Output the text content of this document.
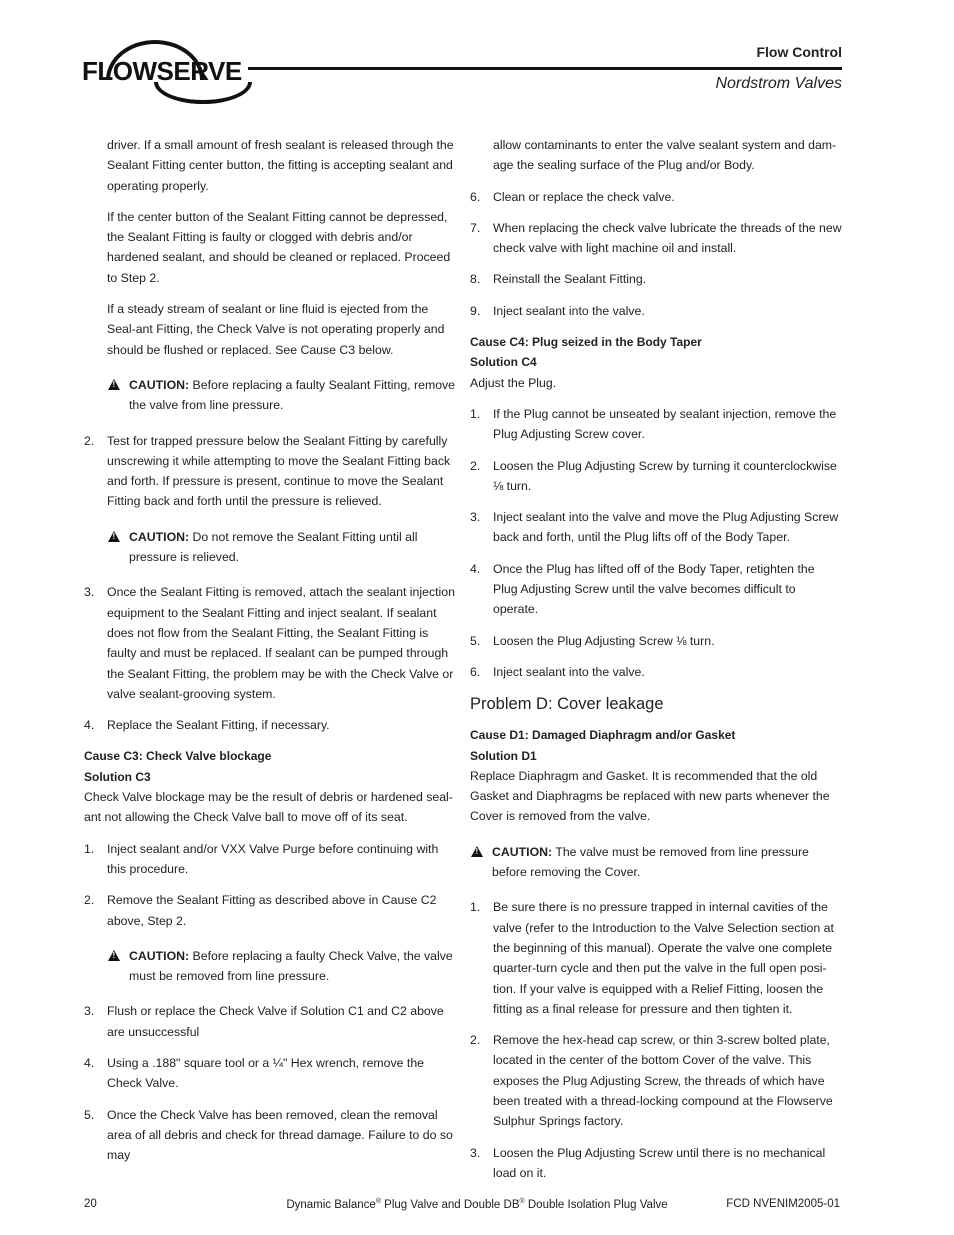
FLOWSERVE
Flow Control
Nordstrom Valves

driver. If a small amount of fresh sealant is released through the Sealant Fitting center button, the fitting is accepting sealant and operating properly.

If the center button of the Sealant Fitting cannot be depressed, the Sealant Fitting is faulty or clogged with debris and/or hardened sealant, and should be cleaned or replaced. Proceed to Step 2.

If a steady stream of sealant or line fluid is ejected from the Seal-ant Fitting, the Check Valve is not operating properly and should be flushed or replaced. See Cause C3 below.

!
CAUTION: Before replacing a faulty Sealant Fitting, remove the valve from line pressure.
2. Test for trapped pressure below the Sealant Fitting by carefully unscrewing it while attempting to move the Sealant Fitting back and forth. If pressure is present, continue to move the Sealant Fitting back and forth until the pressure is relieved.
!
CAUTION: Do not remove the Sealant Fitting until all pressure is relieved.
3. Once the Sealant Fitting is removed, attach the sealant injection equipment to the Sealant Fitting and inject sealant. If sealant does not flow from the Sealant Fitting, the Sealant Fitting is faulty and must be replaced. If sealant can be pumped through the Sealant Fitting, the problem may be with the Check Valve or valve sealant-grooving system.
4. Replace the Sealant Fitting, if necessary.

Cause C3: Check Valve blockage

Solution C3

Check Valve blockage may be the result of debris or hardened seal-ant not allowing the Check Valve ball to move off of its seat.

1. Inject sealant and/or VXX Valve Purge before continuing with this procedure.
2. Remove the Sealant Fitting as described above in Cause C2 above, Step 2.
!
CAUTION: Before replacing a faulty Check Valve, the valve must be removed from line pressure.
3. Flush or replace the Check Valve if Solution C1 and C2 above are unsuccessful
4. Using a .188" square tool or a ¼" Hex wrench, remove the Check Valve.
5. Once the Check Valve has been removed, clean the removal area of all debris and check for thread damage. Failure to do so may

allow contaminants to enter the valve sealant system and dam-age the sealing surface of the Plug and/or Body.

6. Clean or replace the check valve.
7. When replacing the check valve lubricate the threads of the new check valve with light machine oil and install.
8. Reinstall the Sealant Fitting.
9. Inject sealant into the valve.

Cause C4: Plug seized in the Body Taper

Solution C4

Adjust the Plug.

1. If the Plug cannot be unseated by sealant injection, remove the Plug Adjusting Screw cover.
2. Loosen the Plug Adjusting Screw by turning it counterclockwise ⅛ turn.
3. Inject sealant into the valve and move the Plug Adjusting Screw back and forth, until the Plug lifts off of the Body Taper.
4. Once the Plug has lifted off of the Body Taper, retighten the Plug Adjusting Screw until the valve becomes difficult to operate.
5. Loosen the Plug Adjusting Screw ⅛ turn.
6. Inject sealant into the valve.

Problem D: Cover leakage

Cause D1: Damaged Diaphragm and/or Gasket

Solution D1

Replace Diaphragm and Gasket. It is recommended that the old Gasket and Diaphragms be replaced with new parts whenever the Cover is removed from the valve.

!
CAUTION: The valve must be removed from line pressure before removing the Cover.
1. Be sure there is no pressure trapped in internal cavities of the valve (refer to the Introduction to the Valve Selection section at the beginning of this manual). Operate the valve one complete quarter-turn cycle and then put the valve in the full open posi-tion. If your valve is equipped with a Relief Fitting, loosen the fitting as a final release for pressure and then tighten it.
2. Remove the hex-head cap screw, or thin 3-screw bolted plate, located in the center of the bottom Cover of the valve. This exposes the Plug Adjusting Screw, the threads of which have been treated with a thread-locking compound at the Flowserve Sulphur Springs factory.
3. Loosen the Plug Adjusting Screw until there is no mechanical load on it.
20	Dynamic Balance® Plug Valve and Double DB® Double Isolation Plug Valve	FCD NVENIM2005-01
